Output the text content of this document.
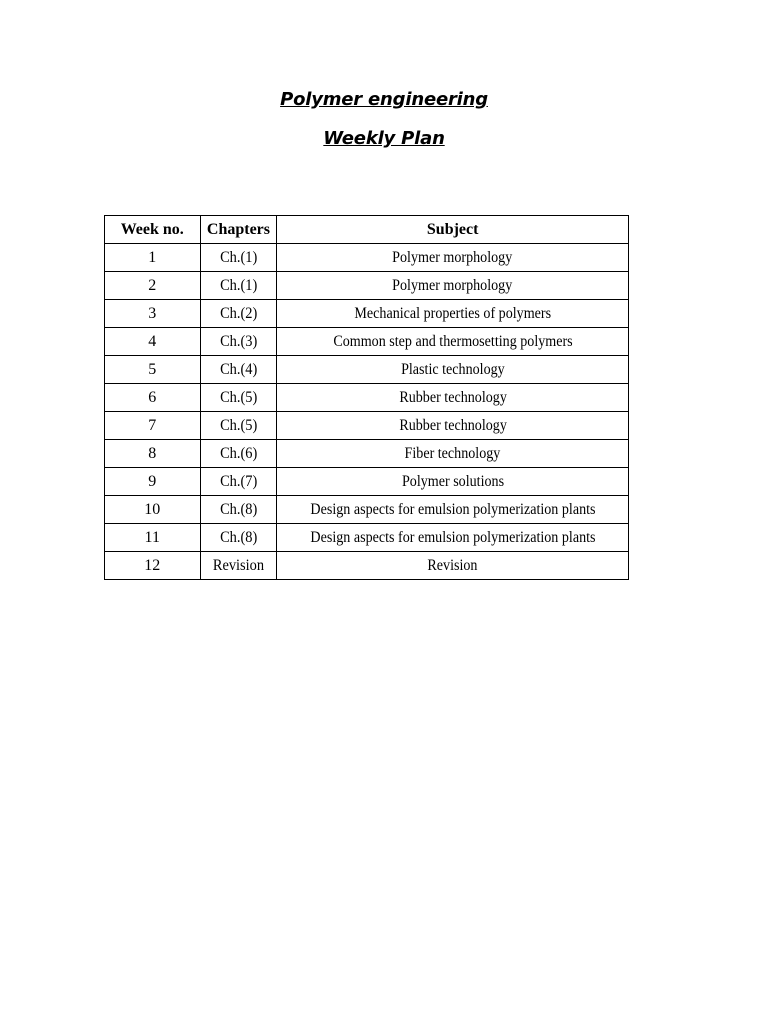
Polymer engineering
Weekly Plan
Week no.	Chapters	Subject
1	Ch.(1)	Polymer morphology
2	Ch.(1)	Polymer morphology
3	Ch.(2)	Mechanical properties of polymers
4	Ch.(3)	Common step and thermosetting polymers
5	Ch.(4)	Plastic technology
6	Ch.(5)	Rubber technology
7	Ch.(5)	Rubber technology
8	Ch.(6)	Fiber technology
9	Ch.(7)	Polymer solutions
10	Ch.(8)	Design aspects for emulsion polymerization plants
11	Ch.(8)	Design aspects for emulsion polymerization plants
12	Revision	Revision
